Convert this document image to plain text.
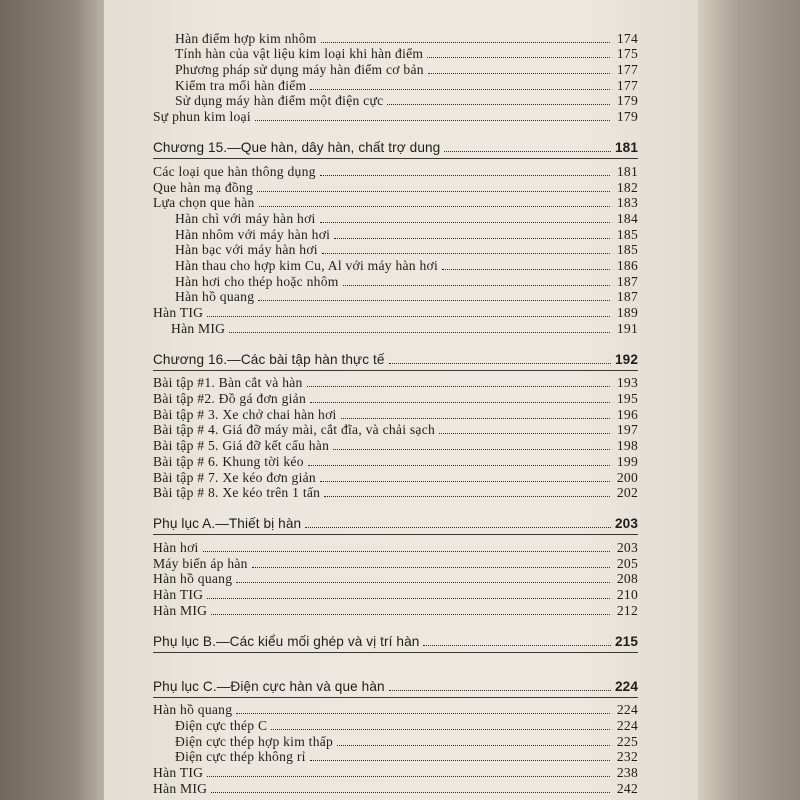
Hàn điểm hợp kim nhôm	174
Tính hàn của vật liệu kim loại khi hàn điểm	175
Phương pháp sử dụng máy hàn điểm cơ bản	177
Kiểm tra mối hàn điểm	177
Sử dụng máy hàn điểm một điện cực	179
Sự phun kim loại	179
Chương 15.—Que hàn, dây hàn, chất trợ dung	181
Các loại que hàn thông dụng	181
Que hàn mạ đồng	182
Lựa chọn que hàn	183
Hàn chì với máy hàn hơi	184
Hàn nhôm với máy hàn hơi	185
Hàn bạc với máy hàn hơi	185
Hàn thau cho hợp kim Cu, Al với máy hàn hơi	186
Hàn hơi cho thép hoặc nhôm	187
Hàn hồ quang	187
Hàn TIG	189
Hàn MIG	191
Chương 16.—Các bài tập hàn thực tế	192
Bài tập #1. Bàn cắt và hàn	193
Bài tập #2. Đồ gá đơn giản	195
Bài tập # 3. Xe chở chai hàn hơi	196
Bài tập # 4. Giá đỡ máy mài, cắt đĩa, và chải sạch	197
Bài tập # 5. Giá đỡ kết cấu hàn	198
Bài tập # 6. Khung tời kéo	199
Bài tập # 7. Xe kéo đơn giản	200
Bài tập # 8. Xe kéo trên 1 tấn	202
Phụ lục A.—Thiết bị hàn	203
Hàn hơi	203
Máy biến áp hàn	205
Hàn hồ quang	208
Hàn TIG	210
Hàn MIG	212
Phụ lục B.—Các kiểu mối ghép và vị trí hàn	215
Phụ lục C.—Điện cực hàn và que hàn	224
Hàn hồ quang	224
Điện cực thép C	224
Điện cực thép hợp kim thấp	225
Điện cực thép không rỉ	232
Hàn TIG	238
Hàn MIG	242
